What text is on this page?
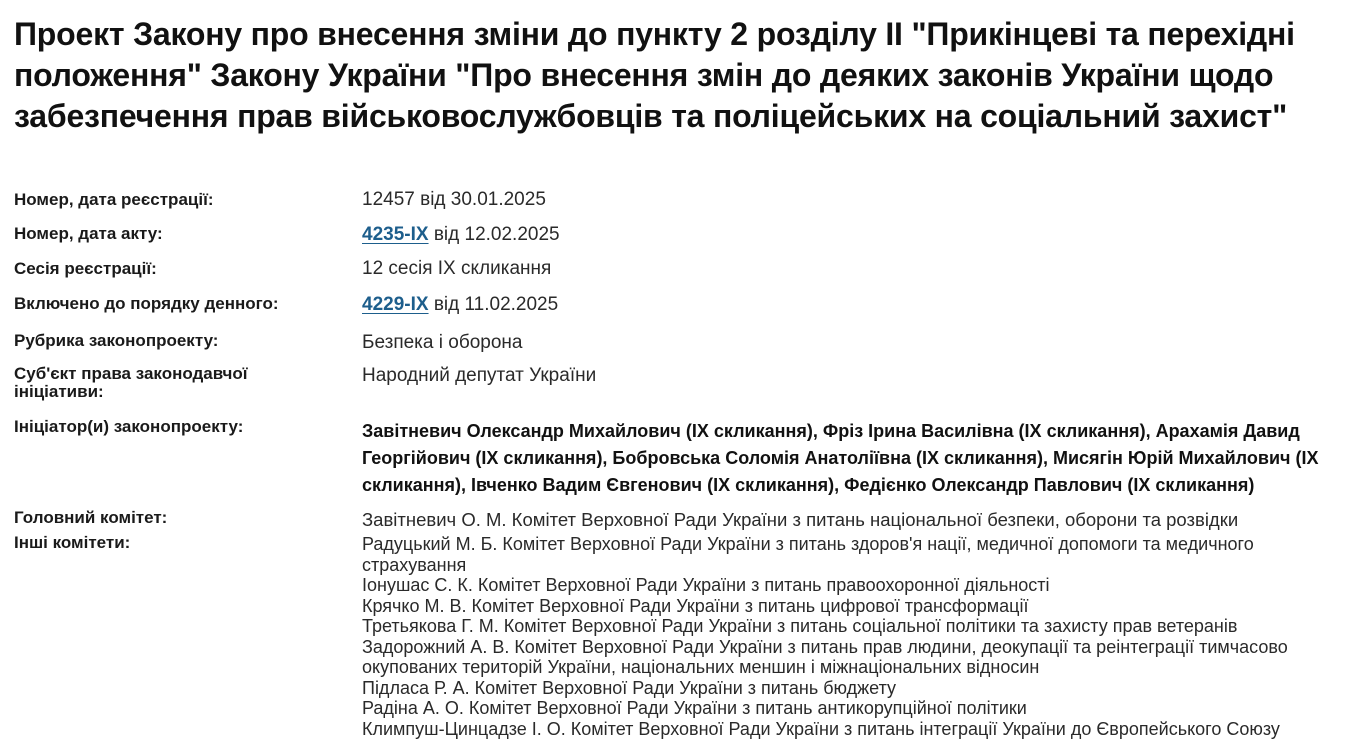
Проект Закону про внесення зміни до пункту 2 розділу ІІ "Прикінцеві та перехідні положення" Закону України "Про внесення змін до деяких законів України щодо забезпечення прав військовослужбовців та поліцейських на соціальний захист"
Номер, дата реєстрації:	12457 від 30.01.2025
Номер, дата акту:	4235-IX від 12.02.2025
Сесія реєстрації:	12 сесія IX скликання
Включено до порядку денного:	4229-IX від 11.02.2025
Рубрика законопроекту:	Безпека і оборона
Суб'єкт права законодавчої ініціативи:
Народний депутат України
Ініціатор(и) законопроекту:	Завітневич Олександр Михайлович (IX скликання), Фріз Ірина Василівна (IX скликання), Арахамія Давид Георгійович (IX скликання), Бобровська Соломія Анатоліївна (IX скликання), Мисягін Юрій Михайлович (IX скликання), Івченко Вадим Євгенович (IX скликання), Федієнко Олександр Павлович (IX скликання)
Головний комітет:	Завітневич О. М. Комітет Верховної Ради України з питань національної безпеки, оборони та розвідки
Інші комітети:	Радуцький М. Б. Комітет Верховної Ради України з питань здоров'я нації, медичної допомоги та медичного страхування
Іонушас С. К. Комітет Верховної Ради України з питань правоохоронної діяльності
Крячко М. В. Комітет Верховної Ради України з питань цифрової трансформації
Третьякова Г. М. Комітет Верховної Ради України з питань соціальної політики та захисту прав ветеранів
Задорожний А. В. Комітет Верховної Ради України з питань прав людини, деокупації та реінтеграції тимчасово окупованих територій України, національних меншин і міжнаціональних відносин
Підласа Р. А. Комітет Верховної Ради України з питань бюджету
Радіна А. О. Комітет Верховної Ради України з питань антикорупційної політики
Климпуш-Цинцадзе І. О. Комітет Верховної Ради України з питань інтеграції України до Європейського Союзу
